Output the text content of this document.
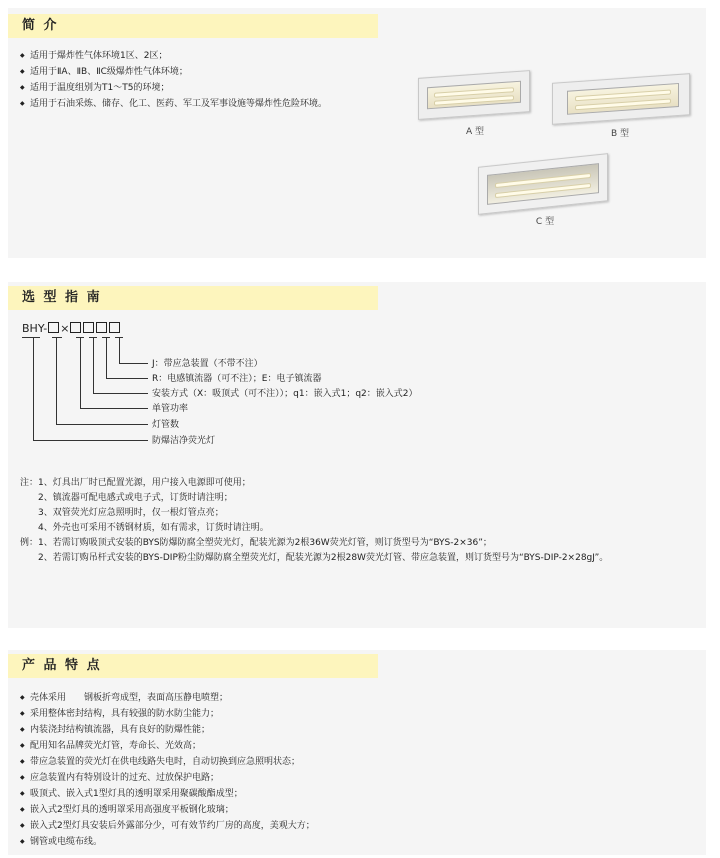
简 介
◆ 适用于爆炸性气体环境1区、2区；
◆ 适用于ⅡA、ⅡB、ⅡC级爆炸性气体环境；
◆ 适用于温度组别为T1～T5的环境；
◆ 适用于石油采炼、储存、化工、医药、军工及军事设施等爆炸性危险环境。
A 型	B 型
C 型
选 型 指 南
BHY- ×
J：带应急装置（不带不注）
R：电感镇流器（可不注）；E：电子镇流器
安装方式（X：吸顶式（可不注））；q1：嵌入式1；q2：嵌入式2）
单管功率
灯管数
防爆洁净荧光灯
注：1、灯具出厂时已配置光源，用户接入电源即可使用；
　　2、镇流器可配电感式或电子式，订货时请注明；
　　3、双管荧光灯应急照明时，仅一根灯管点亮；
　　4、外壳也可采用不锈钢材质，如有需求，订货时请注明。
例：1、若需订购吸顶式安装的BYS防爆防腐全塑荧光灯，配装光源为2根36W荧光灯管，则订货型号为“BYS-2×36”；
　　2、若需订购吊杆式安装的BYS-DIP粉尘防爆防腐全塑荧光灯，配装光源为2根28W荧光灯管、带应急装置，则订货型号为“BYS-DIP-2×28gJ”。
产 品 特 点
◆ 壳体采用　　钢板折弯成型，表面高压静电喷塑；
◆ 采用整体密封结构，具有较强的防水防尘能力；
◆ 内装浇封结构镇流器，具有良好的防爆性能；
◆ 配用知名品牌荧光灯管，寿命长、光效高；
◆ 带应急装置的荧光灯在供电线路失电时，自动切换到应急照明状态；
◆ 应急装置内有特别设计的过充、过放保护电路；
◆ 吸顶式、嵌入式1型灯具的透明罩采用聚碳酸酯成型；
◆ 嵌入式2型灯具的透明罩采用高强度平板钢化玻璃；
◆ 嵌入式2型灯具安装后外露部分少，可有效节约厂房的高度，美观大方；
◆ 钢管或电缆布线。
